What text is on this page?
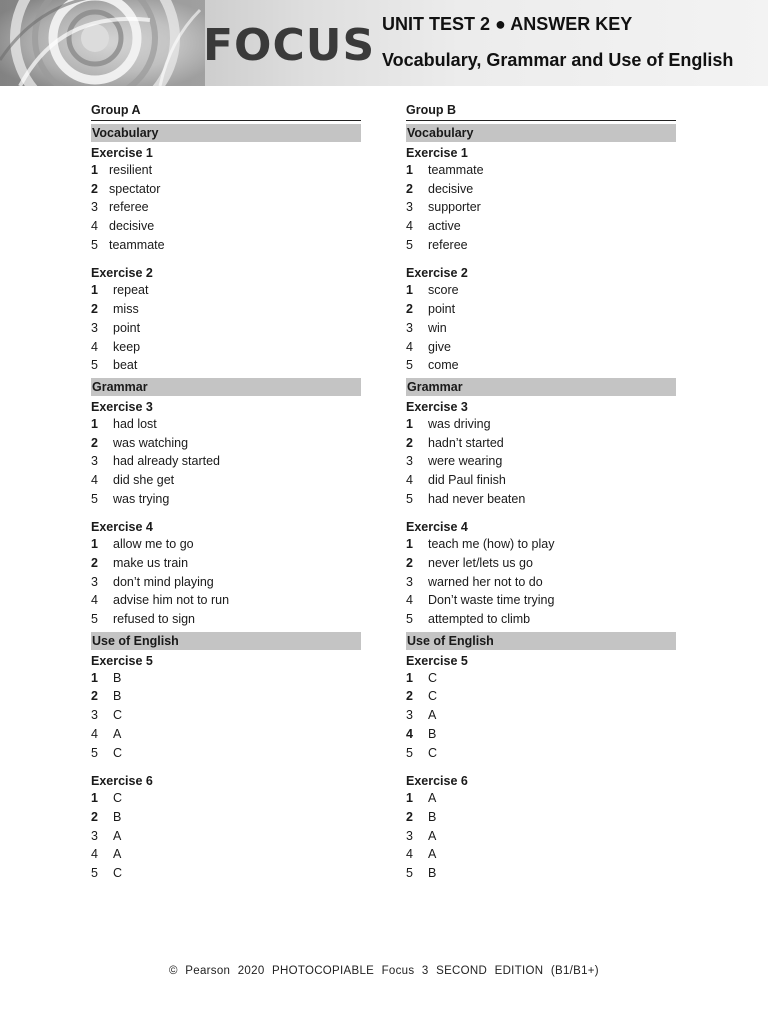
FOCUS UNIT TEST 2 ● ANSWER KEY
Vocabulary, Grammar and Use of English
Group A
Vocabulary
Exercise 1
1 resilient
2 spectator
3 referee
4 decisive
5 teammate
Exercise 2
1 repeat
2 miss
3 point
4 keep
5 beat
Grammar
Exercise 3
1 had lost
2 was watching
3 had already started
4 did she get
5 was trying
Exercise 4
1 allow me to go
2 make us train
3 don’t mind playing
4 advise him not to run
5 refused to sign
Use of English
Exercise 5
1 B
2 B
3 C
4 A
5 C
Exercise 6
1 C
2 B
3 A
4 A
5 C
Group B
Vocabulary
Exercise 1
1 teammate
2 decisive
3 supporter
4 active
5 referee
Exercise 2
1 score
2 point
3 win
4 give
5 come
Grammar
Exercise 3
1 was driving
2 hadn’t started
3 were wearing
4 did Paul finish
5 had never beaten
Exercise 4
1 teach me (how) to play
2 never let/lets us go
3 warned her not to do
4 Don’t waste time trying
5 attempted to climb
Use of English
Exercise 5
1 C
2 C
3 A
4 B
5 C
Exercise 6
1 A
2 B
3 A
4 A
5 B
© Pearson 2020 PHOTOCOPIABLE Focus 3 SECOND EDITION (B1/B1+)
